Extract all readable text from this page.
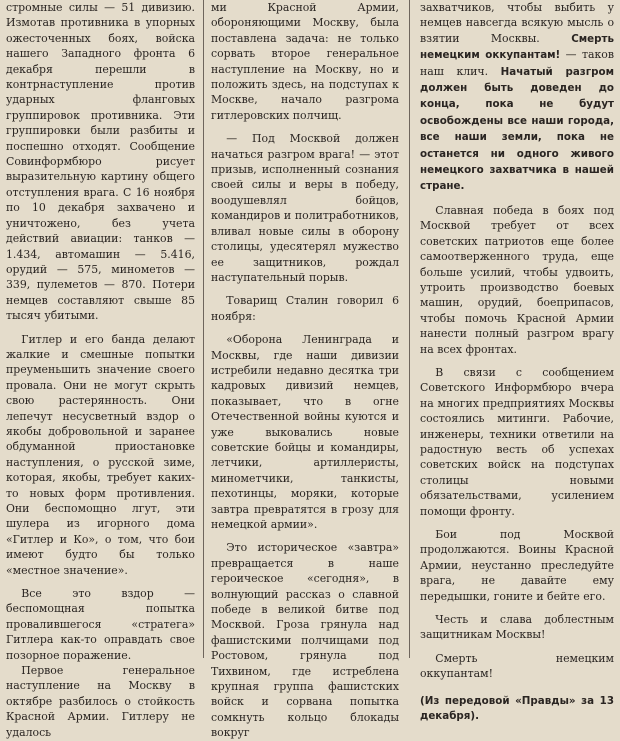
стромные силы — 51 дивизию. Измотав противника в упорных ожесточенных боях, войска нашего Западного фронта 6 декабря перешли в контрнаступление против ударных фланговых группировок противника. Эти группировки были разбиты и поспешно отходят. Сообщение Совинформбюро рисует выразительную картину общего отступления врага. С 16 ноября по 10 декабря захвачено и уничтожено, без учета действий авиации: танков — 1.434, автомашин — 5.416, орудий — 575, минометов — 339, пулеметов — 870. Потери немцев составляют свыше 85 тысяч убитыми.

Гитлер и его банда делают жалкие и смешные попытки преуменьшить значение своего провала. Они не могут скрыть свою растерянность. Они лепечут несусветный вздор о якобы добровольной и заранее обдуманной приостановке наступления, о русской зиме, которая, якобы, требует каких-то новых форм противления. Они беспомощно лгут, эти шулера из игорного дома «Гитлер и Ко», о том, что бои имеют будто бы только «местное значение».

Все это вздор — беспомощная попытка провалившегося «стратега» Гитлера как-то оправдать свое позорное поражение.

Первое генеральное наступление на Москву в октябре разбилось о стойкость Красной Армии. Гитлеру не удалось

ми Красной Армии, обороняющими Москву, была поставлена задача: не только сорвать второе генеральное наступление на Москву, но и положить здесь, на подступах к Москве, начало разгрома гитлеровских полчищ.

— Под Москвой должен начаться разгром врага! — этот призыв, исполненный сознания своей силы и веры в победу, воодушевлял бойцов, командиров и политработников, вливал новые силы в оборону столицы, удесятерял мужество ее защитников, рождал наступательный порыв.

Товарищ Сталин говорил 6 ноября:

«Оборона Ленинграда и Москвы, где наши дивизии истребили недавно десятка три кадровых дивизий немцев, показывает, что в огне Отечественной войны куются и уже выковались новые советские бойцы и командиры, летчики, артиллеристы, минометчики, танкисты, пехотинцы, моряки, которые завтра превратятся в грозу для немецкой армии».

Это историческое «завтра» превращается в наше героическое «сегодня», в волнующий рассказ о славной победе в великой битве под Москвой. Гроза грянула над фашистскими полчищами под Ростовом, грянула под Тихвином, где истреблена крупная группа фашистских войск и сорвана попытка сомкнуть кольцо блокады вокруг

захватчиков, чтобы выбить у немцев навсегда всякую мысль о взятии Москвы. Смерть немецким оккупантам! — таков наш клич. Начатый разгром должен быть доведен до конца, пока не будут освобождены все наши города, все наши земли, пока не останется ни одного живого немецкого захватчика в нашей стране.

Славная победа в боях под Москвой требует от всех советских патриотов еще более самоотверженного труда, еще больше усилий, чтобы удвоить, утроить производство боевых машин, орудий, боеприпасов, чтобы помочь Красной Армии нанести полный разгром врагу на всех фронтах.

В связи с сообщением Советского Информбюро вчера на многих предприятиях Москвы состоялись митинги. Рабочие, инженеры, техники ответили на радостную весть об успехах советских войск на подступах столицы новыми обязательствами, усилением помощи фронту.

Бои под Москвой продолжаются. Воины Красной Армии, неустанно преследуйте врага, не давайте ему передышки, гоните и бейте его.

Честь и слава доблестным защитникам Москвы!

Смерть немецким оккупантам!

(Из передовой «Правды» за 13 декабря).
